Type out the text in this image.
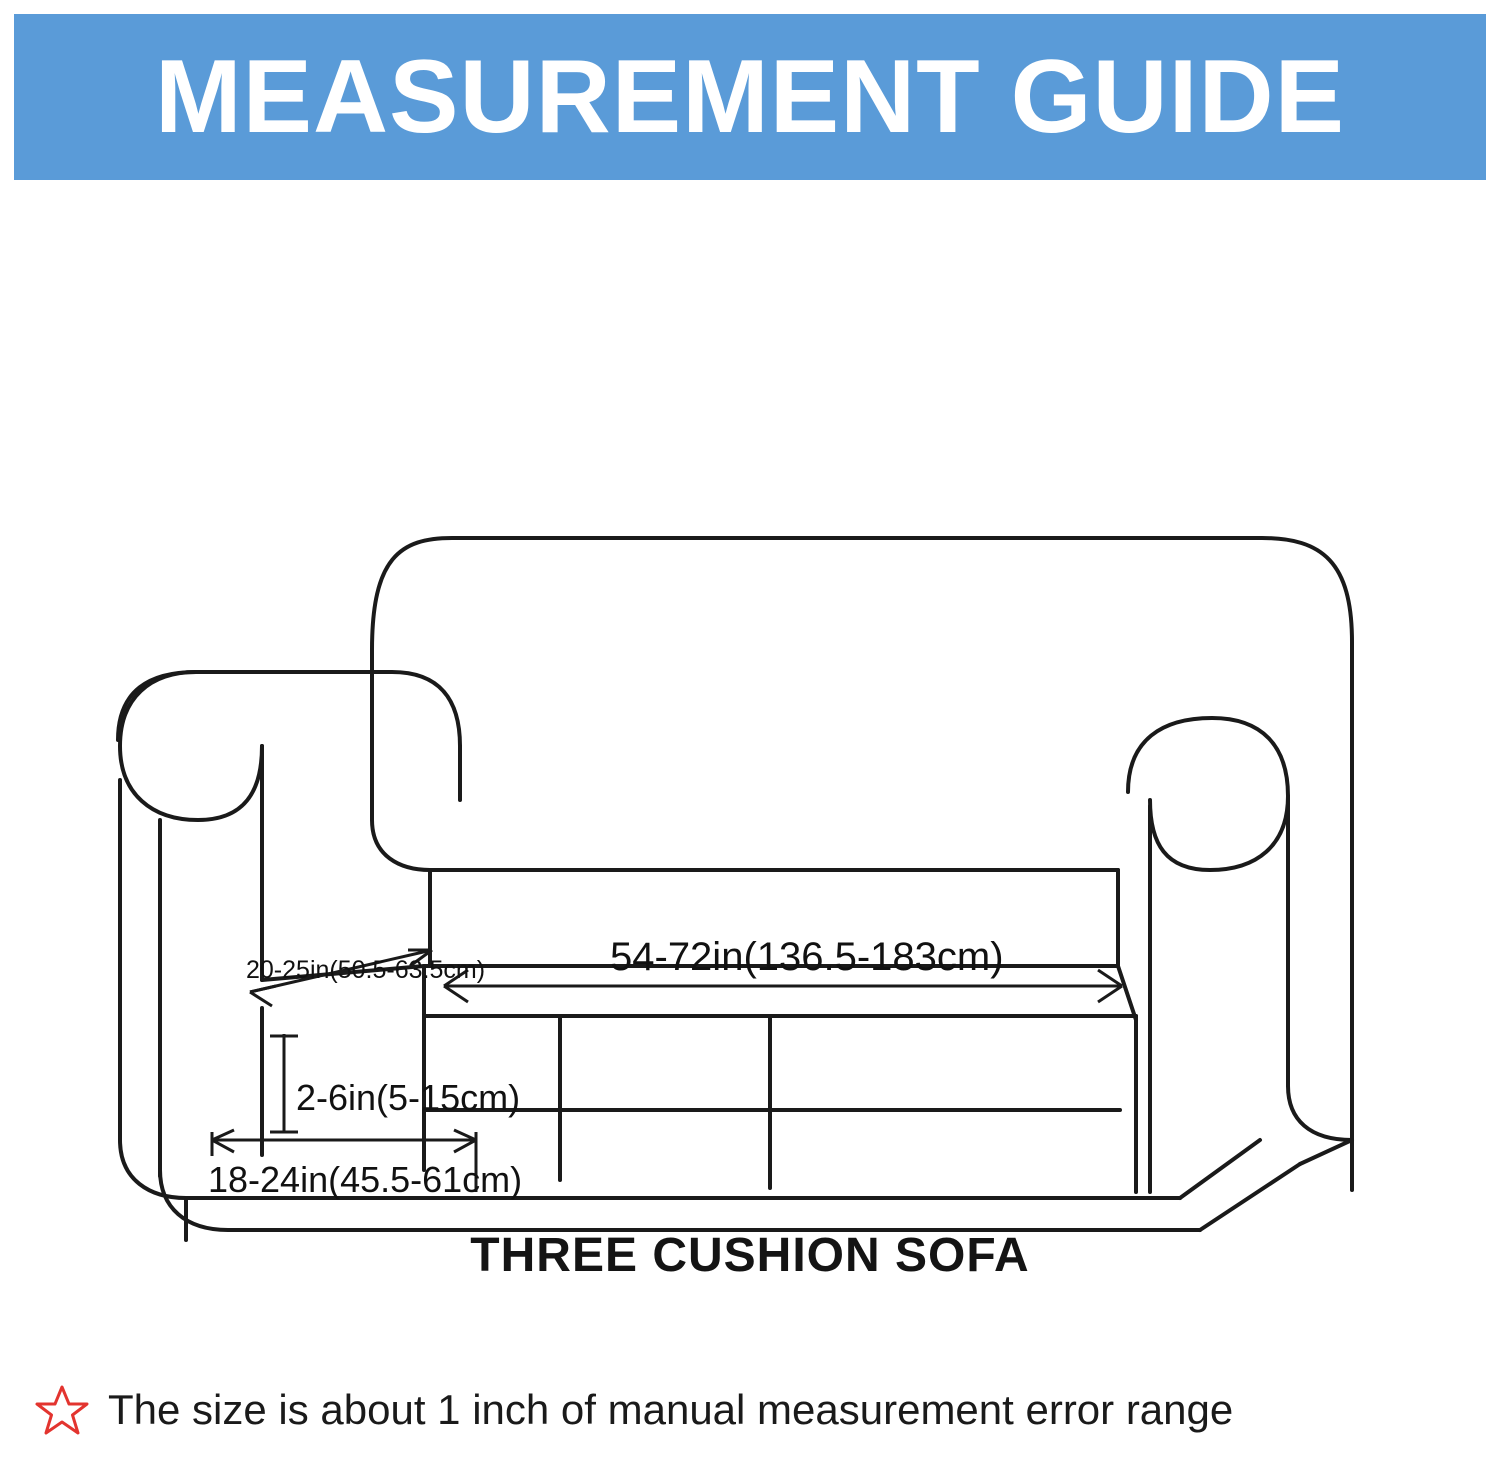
MEASUREMENT GUIDE
54-72in(136.5-183cm)
20-25in(50.5-63.5cm)
2-6in(5-15cm)
18-24in(45.5-61cm)
THREE CUSHION SOFA
The size is about 1 inch of manual measurement error range
